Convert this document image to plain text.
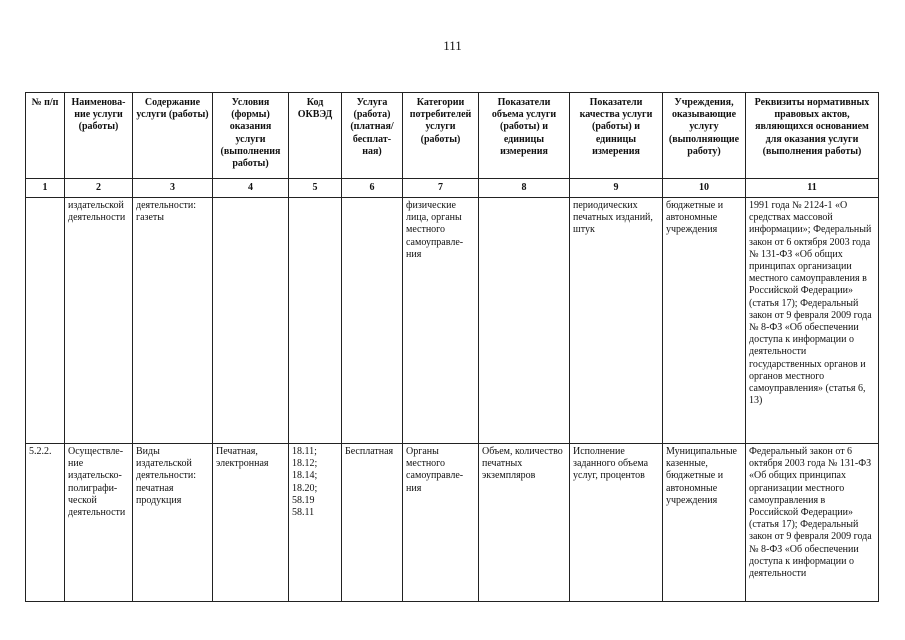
111
№ п/п	Наименова-ние услуги (работы)	Содержание услуги (работы)	Условия (формы) оказания услуги (выполнения работы)	Код ОКВЭД	Услуга (работа) (платная/ бесплат-ная)	Категории потребителей услуги (работы)	Показатели объема услуги (работы) и единицы измерения	Показатели качества услуги (работы) и единицы измерения	Учреждения, оказывающие услугу (выполняющие работу)	Реквизиты нормативных правовых актов, являющихся основанием для оказания услуги (выполнения работы)
1	2	3	4	5	6	7	8	9	10	11
	издательской деятельности	деятельности: газеты				физические лица, органы местного самоуправле-ния		периодических печатных изданий, штук	бюджетные и автономные учреждения	1991 года № 2124-1 «О средствах массовой информации»; Федеральный закон от 6 октября 2003 года № 131-ФЗ «Об общих принципах организации местного самоуправления в Российской Федерации» (статья 17); Федеральный закон от 9 февраля 2009 года № 8-ФЗ «Об обеспечении доступа к информации о деятельности государственных органов и органов местного самоуправления» (статья 6, 13)
5.2.2.	Осуществле-ние издательско-полиграфи-ческой деятельности	Виды издательской деятельности: печатная продукция	Печатная, электронная	18.11; 18.12; 18.14; 18.20; 58.19 58.11	Бесплатная	Органы местного самоуправле-ния	Объем, количество печатных экземпляров	Исполнение заданного объема услуг, процентов	Муниципальные казенные, бюджетные и автономные учреждения	Федеральный закон от 6 октября 2003 года № 131-ФЗ «Об общих принципах организации местного самоуправления в Российской Федерации» (статья 17); Федеральный закон от 9 февраля 2009 года № 8-ФЗ «Об обеспечении доступа к информации о деятельности
